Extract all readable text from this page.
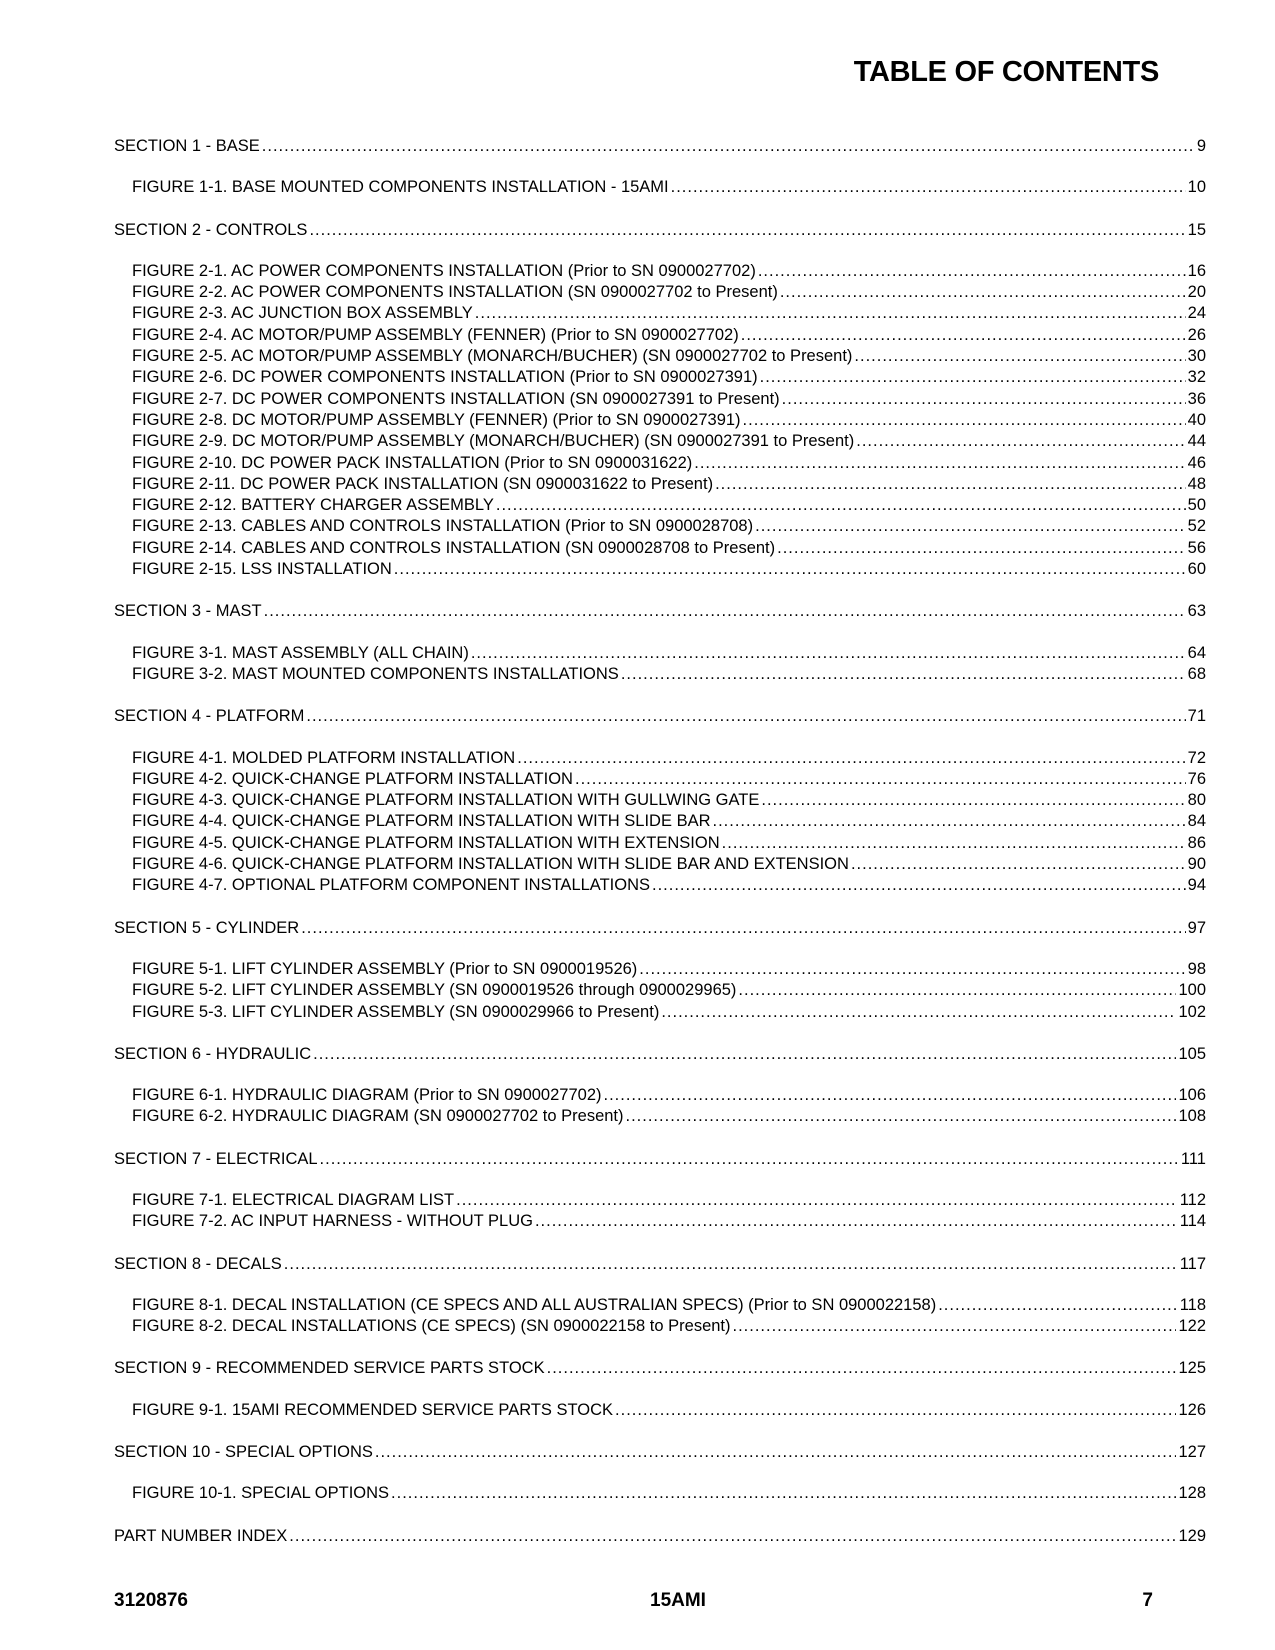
TABLE OF CONTENTS
SECTION 1 - BASE .....	9
FIGURE 1-1. BASE MOUNTED COMPONENTS INSTALLATION - 15AMI .....	10
SECTION 2 - CONTROLS .....	15
FIGURE 2-1. AC POWER COMPONENTS INSTALLATION (Prior to SN 0900027702) .....	16
FIGURE 2-2. AC POWER COMPONENTS INSTALLATION (SN 0900027702 to Present) .....	20
FIGURE 2-3. AC JUNCTION BOX ASSEMBLY .....	24
FIGURE 2-4. AC MOTOR/PUMP ASSEMBLY (FENNER) (Prior to SN 0900027702) .....	26
FIGURE 2-5. AC MOTOR/PUMP ASSEMBLY (MONARCH/BUCHER) (SN 0900027702 to Present) .....	30
FIGURE 2-6. DC POWER COMPONENTS INSTALLATION (Prior to SN 0900027391) .....	32
FIGURE 2-7. DC POWER COMPONENTS INSTALLATION (SN 0900027391 to Present) .....	36
FIGURE 2-8. DC MOTOR/PUMP ASSEMBLY (FENNER) (Prior to SN 0900027391) .....	40
FIGURE 2-9. DC MOTOR/PUMP ASSEMBLY (MONARCH/BUCHER) (SN 0900027391 to Present) .....	44
FIGURE 2-10. DC POWER PACK INSTALLATION (Prior to SN 0900031622) .....	46
FIGURE 2-11. DC POWER PACK INSTALLATION (SN 0900031622 to Present) .....	48
FIGURE 2-12. BATTERY CHARGER ASSEMBLY .....	50
FIGURE 2-13. CABLES AND CONTROLS INSTALLATION (Prior to SN 0900028708) .....	52
FIGURE 2-14. CABLES AND CONTROLS INSTALLATION (SN 0900028708 to Present) .....	56
FIGURE 2-15. LSS INSTALLATION .....	60
SECTION 3 - MAST .....	63
FIGURE 3-1. MAST ASSEMBLY (ALL CHAIN) .....	64
FIGURE 3-2. MAST MOUNTED COMPONENTS INSTALLATIONS .....	68
SECTION 4 - PLATFORM .....	71
FIGURE 4-1. MOLDED PLATFORM INSTALLATION .....	72
FIGURE 4-2. QUICK-CHANGE PLATFORM INSTALLATION .....	76
FIGURE 4-3. QUICK-CHANGE PLATFORM INSTALLATION WITH GULLWING GATE .....	80
FIGURE 4-4. QUICK-CHANGE PLATFORM INSTALLATION WITH SLIDE BAR .....	84
FIGURE 4-5. QUICK-CHANGE PLATFORM INSTALLATION WITH EXTENSION .....	86
FIGURE 4-6. QUICK-CHANGE PLATFORM INSTALLATION WITH SLIDE BAR AND EXTENSION .....	90
FIGURE 4-7. OPTIONAL PLATFORM COMPONENT INSTALLATIONS .....	94
SECTION 5 - CYLINDER .....	97
FIGURE 5-1. LIFT CYLINDER ASSEMBLY (Prior to SN 0900019526) .....	98
FIGURE 5-2. LIFT CYLINDER ASSEMBLY (SN 0900019526 through 0900029965) .....	100
FIGURE 5-3. LIFT CYLINDER ASSEMBLY (SN 0900029966 to Present) .....	102
SECTION 6 - HYDRAULIC .....	105
FIGURE 6-1. HYDRAULIC DIAGRAM (Prior to SN 0900027702) .....	106
FIGURE 6-2. HYDRAULIC DIAGRAM (SN 0900027702 to Present) .....	108
SECTION 7 - ELECTRICAL .....	111
FIGURE 7-1. ELECTRICAL DIAGRAM LIST .....	112
FIGURE 7-2. AC INPUT HARNESS - WITHOUT PLUG .....	114
SECTION 8 - DECALS .....	117
FIGURE 8-1. DECAL INSTALLATION (CE SPECS AND ALL AUSTRALIAN SPECS) (Prior to SN 0900022158) .....	118
FIGURE 8-2. DECAL INSTALLATIONS (CE SPECS) (SN 0900022158 to Present) .....	122
SECTION 9 - RECOMMENDED SERVICE PARTS STOCK .....	125
FIGURE 9-1. 15AMI RECOMMENDED SERVICE PARTS STOCK .....	126
SECTION 10 - SPECIAL OPTIONS .....	127
FIGURE 10-1. SPECIAL OPTIONS .....	128
PART NUMBER INDEX .....	129
3120876	15AMI	7
